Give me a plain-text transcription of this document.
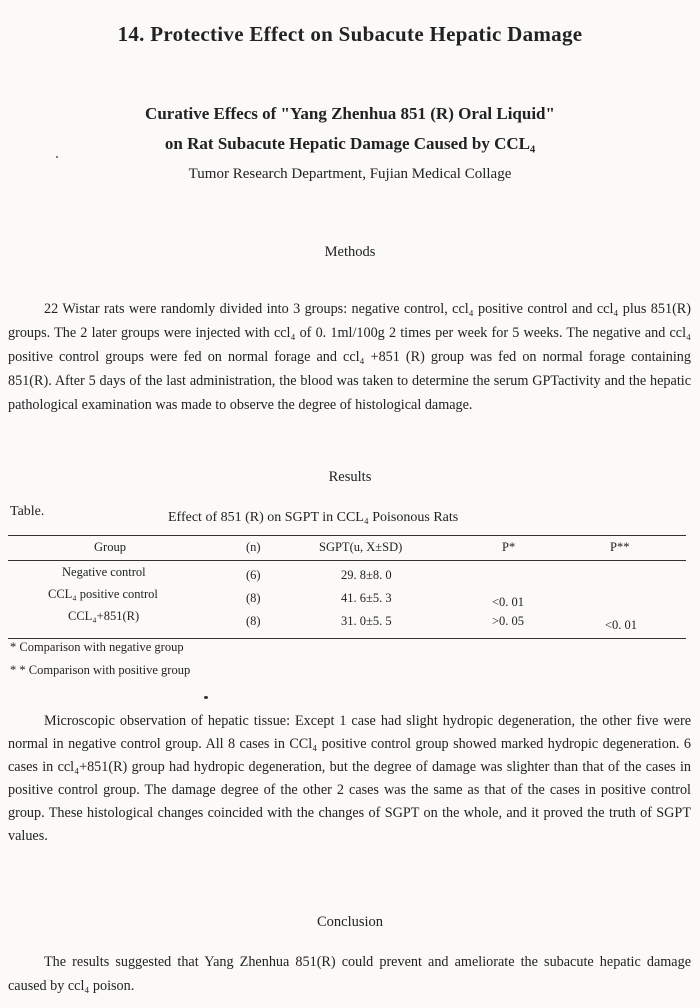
14. Protective Effect on Subacute Hepatic Damage
Curative Effecs of "Yang Zhenhua 851 (R) Oral Liquid"
on Rat Subacute Hepatic Damage Caused by CCL₄
Tumor Research Department, Fujian Medical Collage
Methods

22 Wistar rats were randomly divided into 3 groups: negative control, ccl₄ positive control and ccl₄ plus 851(R) groups. The 2 later groups were injected with ccl₄ of 0. 1ml/100g 2 times per week for 5 weeks. The negative and ccl₄ positive control groups were fed on normal forage and ccl₄ +851 (R) group was fed on normal forage containing 851(R). After 5 days of the last administration, the blood was taken to determine the serum GPTactivity and the hepatic pathological examination was made to observe the degree of histological damage.

Results
Table.	Effect of 851 (R) on SGPT in CCL₄ Poisonous Rats
Group	(n)	SGPT(u, X±SD)	P*	P**
Negative control	(6)	29. 8±8. 0
CCL₄ positive control	(8)	41. 6±5. 3	<0. 01
CCL₄+851(R)	(8)	31. 0±5. 5	>0. 05	<0. 01
* Comparison with negative group
* * Comparison with positive group

Microscopic observation of hepatic tissue: Except 1 case had slight hydropic degeneration, the other five were normal in negative control group. All 8 cases in CCl₄ positive control group showed marked hydropic degeneration. 6 cases in ccl₄+851(R) group had hydropic degeneration, but the degree of damage was slighter than that of the cases in positive control group. The damage degree of the other 2 cases was the same as that of the cases in positive control group. These histological changes coincided with the changes of SGPT on the whole, and it proved the truth of SGPT values.

Conclusion

The results suggested that Yang Zhenhua 851(R) could prevent and ameliorate the subacute hepatic damage caused by ccl₄ poison.
